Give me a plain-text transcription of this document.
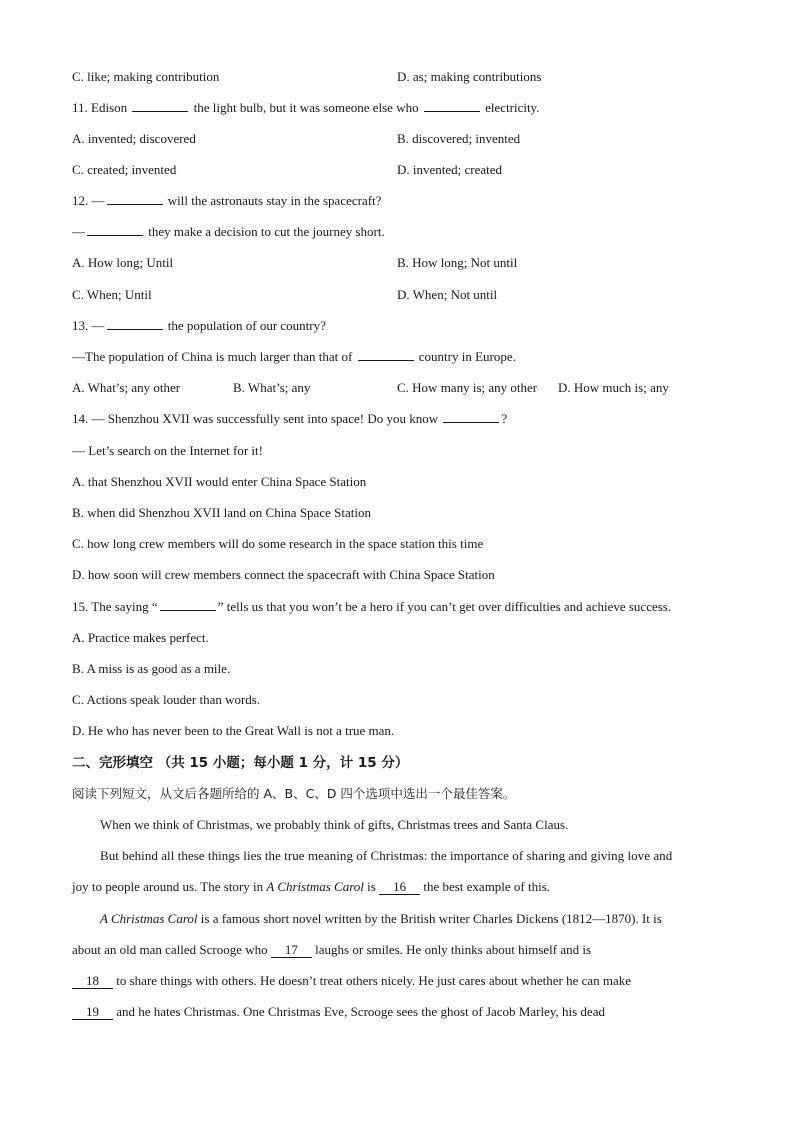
C. like; making contribution	D. as; making contributions
11. Edison	the light bulb, but it was someone else who	electricity.
A. invented; discovered	B. discovered; invented
C. created; invented	D. invented; created
12. —	will the astronauts stay in the spacecraft?
—	they make a decision to cut the journey short.
A. How long; Until	B. How long; Not until
C. When; Until	D. When; Not until
13. —	the population of our country?
—The population of China is much larger than that of	country in Europe.
A. What’s; any other	B. What’s; any	C. How many is; any other D. How much is; any
14. — Shenzhou XVII was successfully sent into space! Do you know	?
— Let’s search on the Internet for it!
A. that Shenzhou XVII would enter China Space Station
B. when did Shenzhou XVII land on China Space Station
C. how long crew members will do some research in the space station this time
D. how soon will crew members connect the spacecraft with China Space Station
15. The saying “	” tells us that you won’t be a hero if you can’t get over difficulties and achieve success.
A. Practice makes perfect.
B. A miss is as good as a mile.
C. Actions speak louder than words.
D. He who has never been to the Great Wall is not a true man.
二、完形填空 （共 15 小题；每小题 1 分，计 15 分）
阅读下列短文，从文后各题所给的 A、B、C、D 四个选项中选出一个最佳答案。
When we think of Christmas, we probably think of gifts, Christmas trees and Santa Claus.
But behind all these things lies the true meaning of Christmas: the importance of sharing and giving love and
joy to people around us. The story in A Christmas Carol is 16 the best example of this.
A Christmas Carol is a famous short novel written by the British writer Charles Dickens (1812—1870). It is
about an old man called Scrooge who 17 laughs or smiles. He only thinks about himself and is
18 to share things with others. He doesn’t treat others nicely. He just cares about whether he can make
19 and he hates Christmas. One Christmas Eve, Scrooge sees the ghost of Jacob Marley, his dead
